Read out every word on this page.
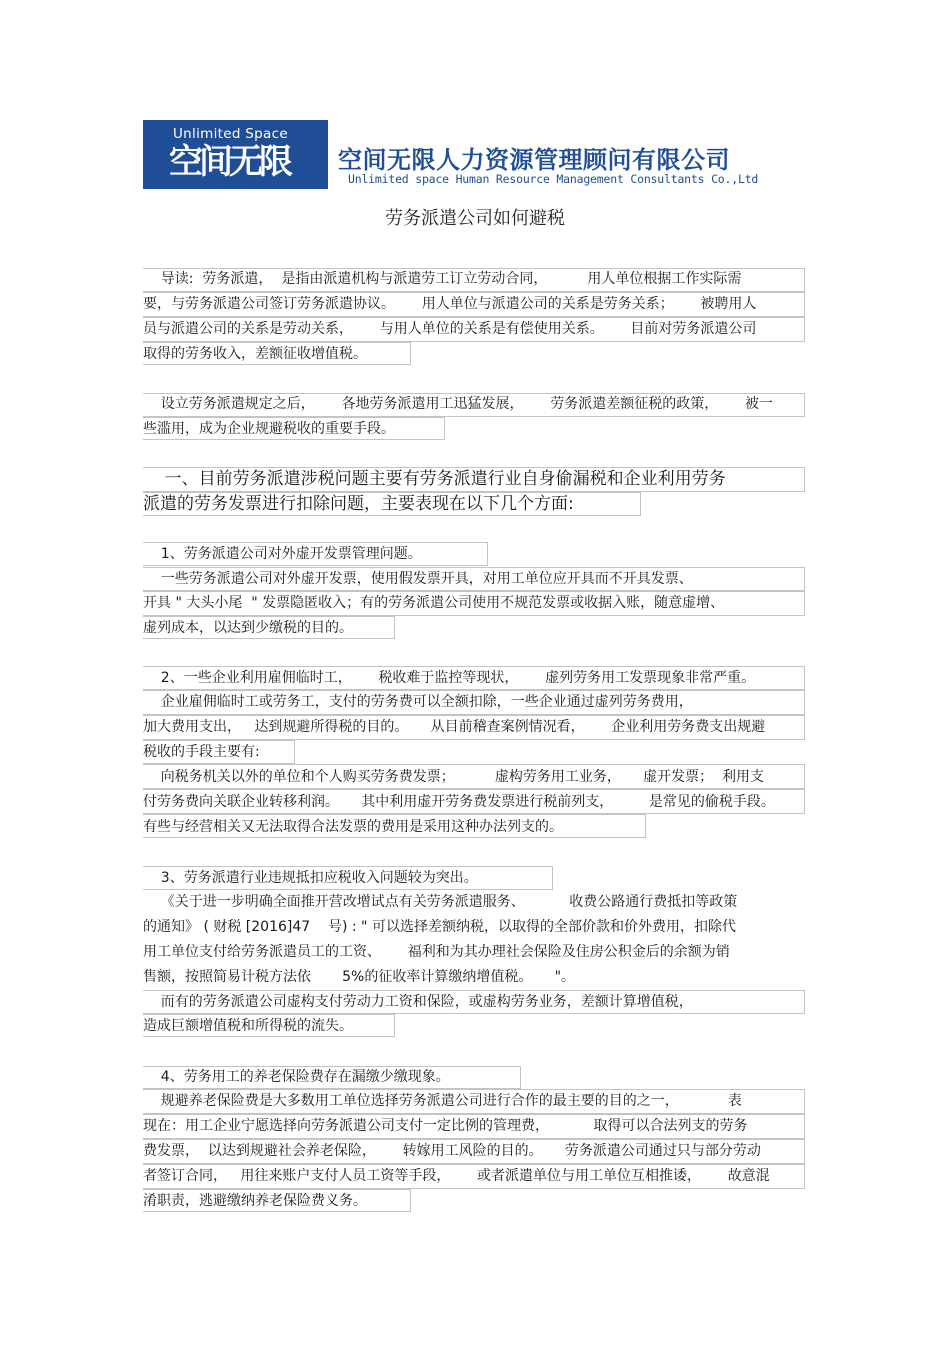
Unlimited Space
空间无限 空间无限人力资源管理顾问有限公司
Unlimited space Human Resource Management Consultants Co.,Ltd
劳务派遣公司如何避税
导读:  劳务派遣，  是指由派遣机构与派遣劳工订立劳动合同，         用人单位根据工作实际需
要，与劳务派遣公司签订劳务派遣协议。      用人单位与派遣公司的关系是劳务关系；      被聘用人
员与派遣公司的关系是劳动关系，      与用人单位的关系是有偿使用关系。      目前对劳务派遣公司
取得的劳务收入，差额征收增值税。
设立劳务派遣规定之后，      各地劳务派遣用工迅猛发展，      劳务派遣差额征税的政策，      被一
些滥用，成为企业规避税收的重要手段。
一、目前劳务派遣涉税问题主要有劳务派遣行业自身偷漏税和企业利用劳务
派遣的劳务发票进行扣除问题，主要表现在以下几个方面:
1、劳务派遣公司对外虚开发票管理问题。
一些劳务派遣公司对外虚开发票，使用假发票开具，对用工单位应开具而不开具发票、
开具 " 大头小尾  " 发票隐匿收入；有的劳务派遣公司使用不规范发票或收据入账，随意虚增、
虚列成本，以达到少缴税的目的。
2、一些企业利用雇佣临时工，      税收难于监控等现状，      虚列劳务用工发票现象非常严重。
企业雇佣临时工或劳务工，支付的劳务费可以全额扣除，一些企业通过虚列劳务费用，
加大费用支出，   达到规避所得税的目的。     从目前稽查案例情况看，      企业利用劳务费支出规避
税收的手段主要有:
向税务机关以外的单位和个人购买劳务费发票；         虚构劳务用工业务，     虚开发票；  利用支
付劳务费向关联企业转移利润。     其中利用虚开劳务费发票进行税前列支，        是常见的偷税手段。
有些与经营相关又无法取得合法发票的费用是采用这种办法列支的。
3、劳务派遣行业违规抵扣应税收入问题较为突出。
《关于进一步明确全面推开营改增试点有关劳务派遣服务、          收费公路通行费抵扣等政策
的通知》 ( 财税 [2016]47    号) : " 可以选择差额纳税，以取得的全部价款和价外费用，扣除代
用工单位支付给劳务派遣员工的工资、      福利和为其办理社会保险及住房公积金后的余额为销
售额，按照简易计税方法依       5%的征收率计算缴纳增值税。     "。
而有的劳务派遣公司虚构支付劳动力工资和保险，或虚构劳务业务，差额计算增值税，
造成巨额增值税和所得税的流失。
4、劳务用工的养老保险费存在漏缴少缴现象。
规避养老保险费是大多数用工单位选择劳务派遣公司进行合作的最主要的目的之一，           表
现在：用工企业宁愿选择向劳务派遣公司支付一定比例的管理费，          取得可以合法列支的劳务
费发票，  以达到规避社会养老保险，      转嫁用工风险的目的。     劳务派遣公司通过只与部分劳动
者签订合同，   用往来账户支付人员工资等手段，      或者派遣单位与用工单位互相推诿，      故意混
淆职责，逃避缴纳养老保险费义务。
